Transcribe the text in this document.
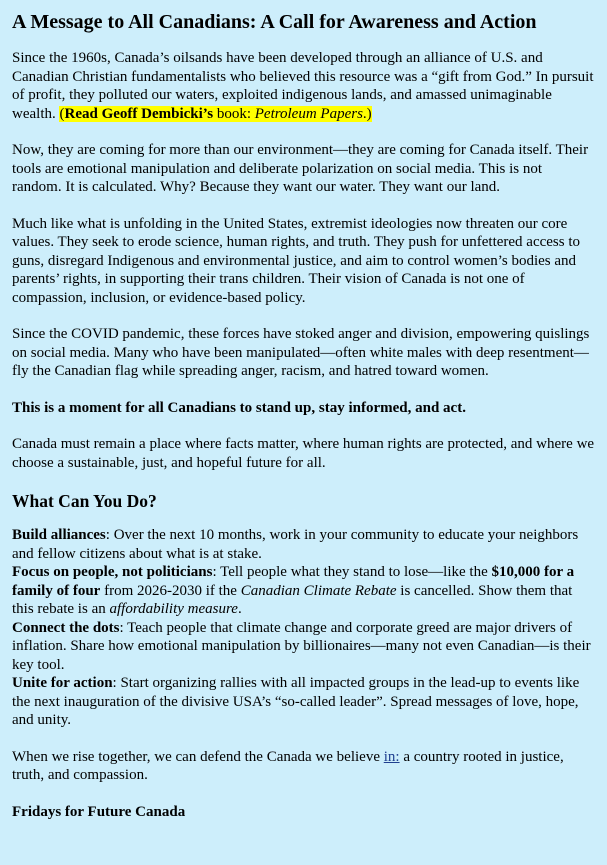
A Message to All Canadians: A Call for Awareness and Action

Since the 1960s, Canada’s oilsands have been developed through an alliance of U.S. and Canadian Christian fundamentalists who believed this resource was a “gift from God.” In pursuit of profit, they polluted our waters, exploited indigenous lands, and amassed unimaginable wealth. (Read Geoff Dembicki’s book: Petroleum Papers.)

Now, they are coming for more than our environment—they are coming for Canada itself. Their tools are emotional manipulation and deliberate polarization on social media. This is not random. It is calculated. Why? Because they want our water. They want our land.

Much like what is unfolding in the United States, extremist ideologies now threaten our core values. They seek to erode science, human rights, and truth. They push for unfettered access to guns, disregard Indigenous and environmental justice, and aim to control women’s bodies and parents’ rights, in supporting their trans children. Their vision of Canada is not one of compassion, inclusion, or evidence-based policy.

Since the COVID pandemic, these forces have stoked anger and division, empowering quislings on social media. Many who have been manipulated—often white males with deep resentment—fly the Canadian flag while spreading anger, racism, and hatred toward women.

This is a moment for all Canadians to stand up, stay informed, and act.

Canada must remain a place where facts matter, where human rights are protected, and where we choose a sustainable, just, and hopeful future for all.

What Can You Do?

Build alliances: Over the next 10 months, work in your community to educate your neighbors and fellow citizens about what is at stake.

Focus on people, not politicians: Tell people what they stand to lose—like the $10,000 for a family of four from 2026-2030 if the Canadian Climate Rebate is cancelled. Show them that this rebate is an affordability measure.

Connect the dots: Teach people that climate change and corporate greed are major drivers of inflation. Share how emotional manipulation by billionaires—many not even Canadian—is their key tool.

Unite for action: Start organizing rallies with all impacted groups in the lead-up to events like the next inauguration of the divisive USA’s “so-called leader”. Spread messages of love, hope, and unity.

When we rise together, we can defend the Canada we believe in: a country rooted in justice, truth, and compassion.

Fridays for Future Canada
